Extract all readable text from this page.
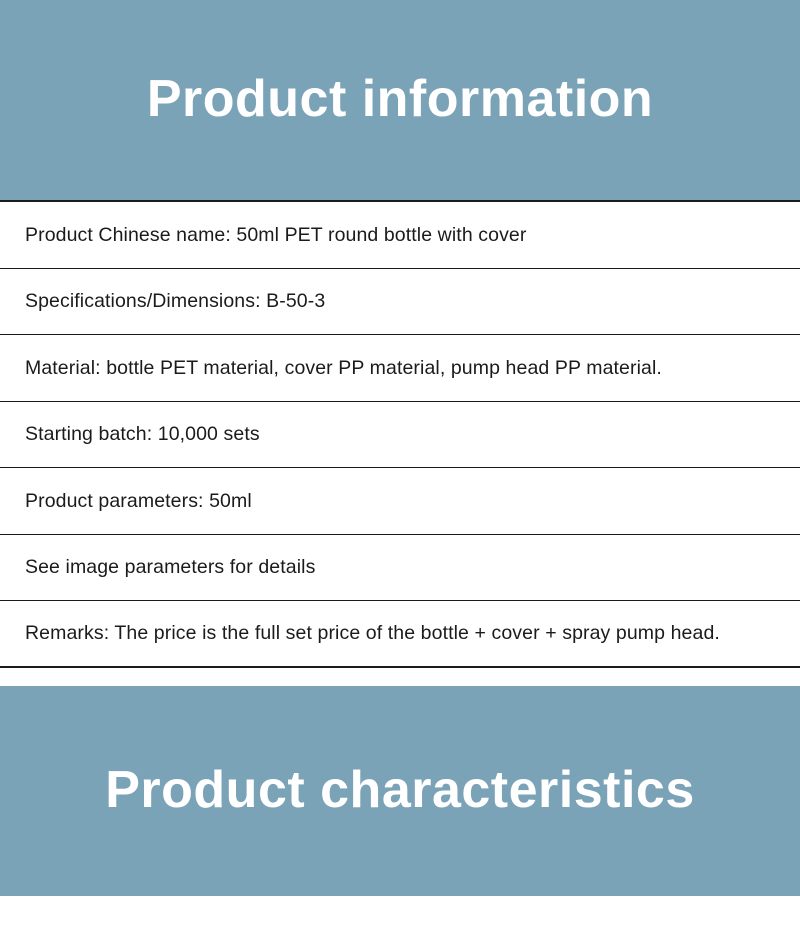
Product information
Product Chinese name: 50ml PET round bottle with cover
Specifications/Dimensions: B-50-3
Material: bottle PET material, cover PP material, pump head PP material.
Starting batch: 10,000 sets
Product parameters: 50ml
See image parameters for details
Remarks: The price is the full set price of the bottle + cover + spray pump head.
Product characteristics
